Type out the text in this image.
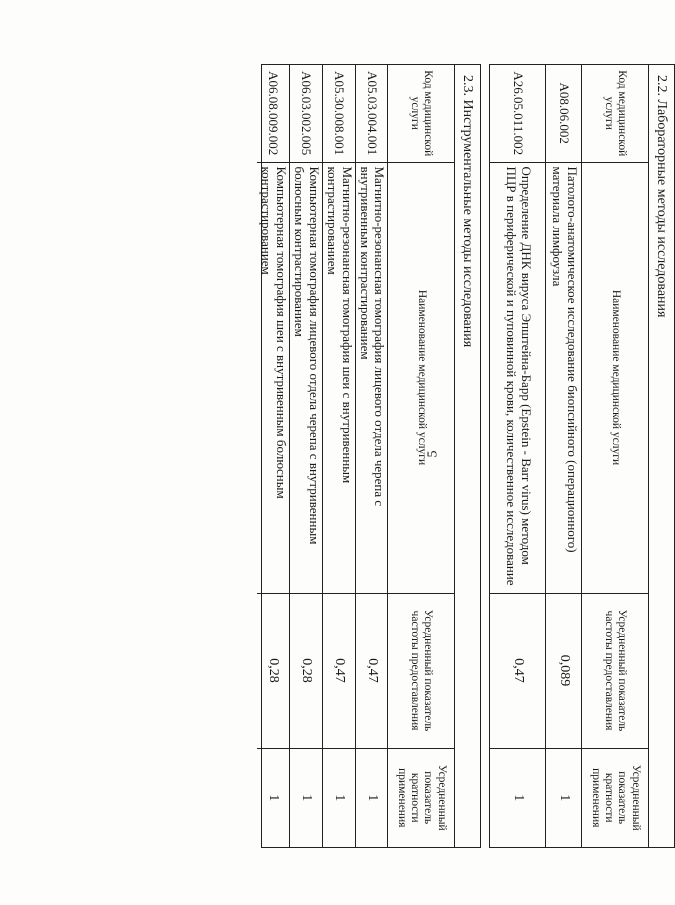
5
2.2. Лабораторные методы исследования
Код медицинской услуги	Наименование медицинской услуги	Усредненный показатель частоты предоставления	Усредненный показатель кратности применения
A08.06.002	Патолого-анатомическое исследование биопсийного (операционного) материала лимфоузла	0,089	1
A26.05.011.002	Определение ДНК вируса Эпштейна-Барр (Epstein - Barr virus) методом ПЦР в периферической и пуповинной крови, количественное исследование	0,47	1
2.3. Инструментальные методы исследования
Код медицинской услуги	Наименование медицинской услуги	Усредненный показатель частоты предоставления	Усредненный показатель кратности применения
A05.03.004.001	Магнитно-резонансная томография лицевого отдела черепа с внутривенным контрастированием	0,47	1
A05.30.008.001	Магнитно-резонансная томография шеи с внутривенным контрастированием	0,47	1
A06.03.002.005	Компьютерная томография лицевого отдела черепа с внутривенным болюсным контрастированием	0,28	1
A06.08.009.002	Компьютерная томография шеи с внутривенным болюсным контрастированием	0,28	1
